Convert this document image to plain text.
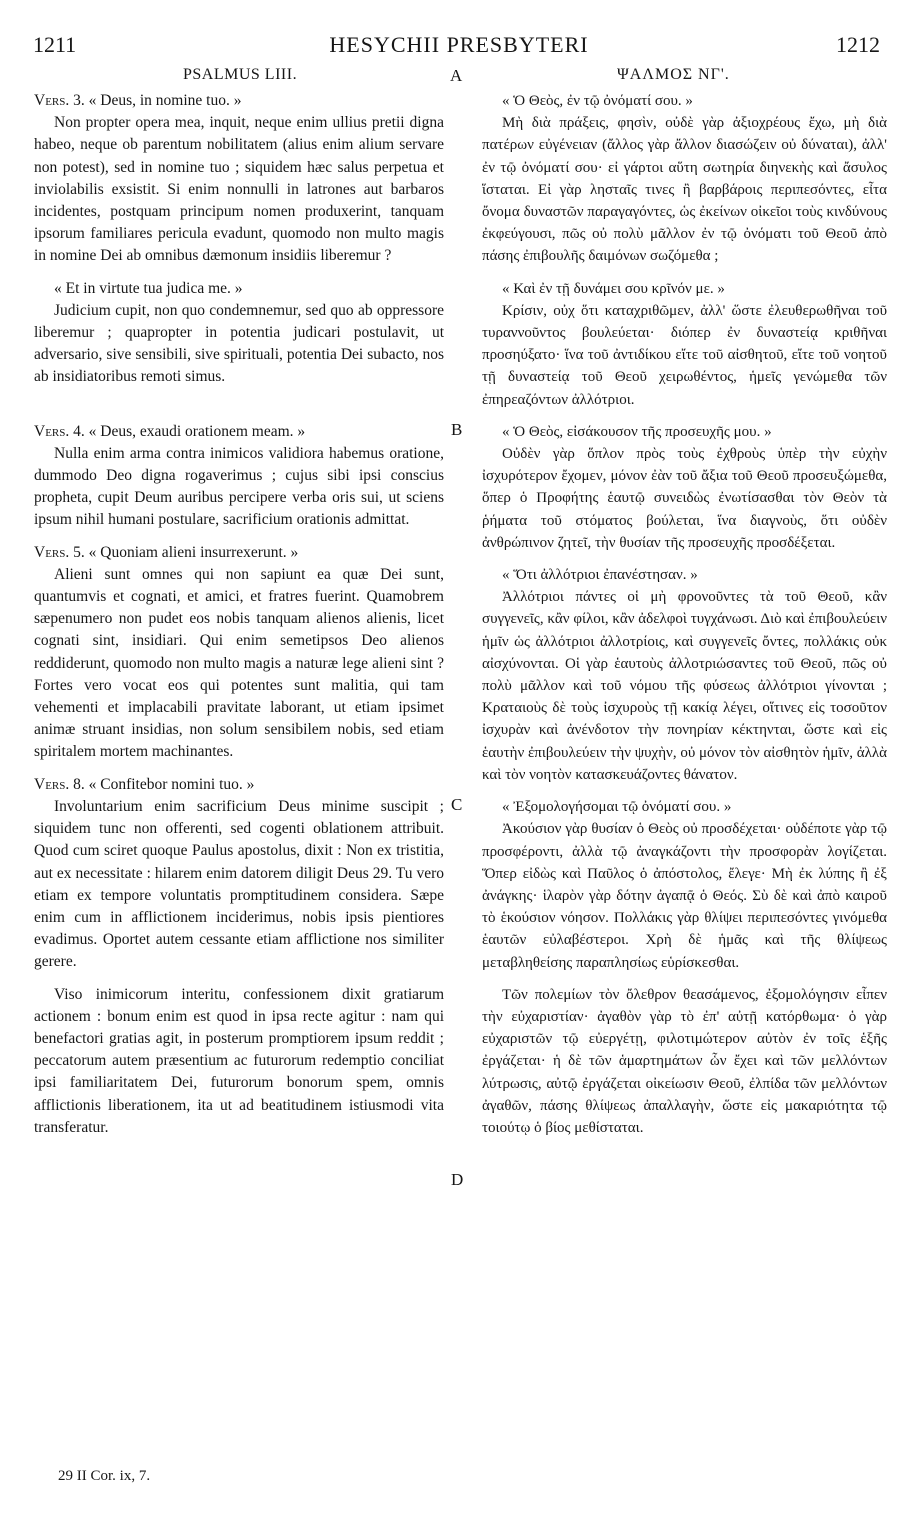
1211	HESYCHII PRESBYTERI	1212
PSALMUS LIII.	A	ΨΑΛΜΟΣ ΝΓ'.
B
C
D

Vers. 3. « Deus, in nomine tuo. »

Non propter opera mea, inquit, neque enim ullius pretii digna habeo, neque ob parentum nobilitatem (alius enim alium servare non potest), sed in nomine tuo ; siquidem hæc salus perpetua et inviolabilis exsistit. Si enim nonnulli in latrones aut barbaros incidentes, postquam principum nomen produxerint, tanquam ipsorum familiares pericula evadunt, quomodo non multo magis in nomine Dei ab omnibus dæmonum insidiis liberemur ?

« Et in virtute tua judica me. »

Judicium cupit, non quo condemnemur, sed quo ab oppressore liberemur ; quapropter in potentia judicari postulavit, ut adversario, sive sensibili, sive spirituali, potentia Dei subacto, nos ab insidiatoribus remoti simus.

Vers. 4. « Deus, exaudi orationem meam. »

Nulla enim arma contra inimicos validiora habemus oratione, dummodo Deo digna rogaverimus ; cujus sibi ipsi conscius propheta, cupit Deum auribus percipere verba oris sui, ut sciens ipsum nihil humani postulare, sacrificium orationis admittat.

Vers. 5. « Quoniam alieni insurrexerunt. »

Alieni sunt omnes qui non sapiunt ea quæ Dei sunt, quantumvis et cognati, et amici, et fratres fuerint. Quamobrem sæpenumero non pudet eos nobis tanquam alienos alienis, licet cognati sint, insidiari. Qui enim semetipsos Deo alienos reddiderunt, quomodo non multo magis a naturæ lege alieni sint ? Fortes vero vocat eos qui potentes sunt malitia, qui tam vehementi et implacabili pravitate laborant, ut etiam ipsimet animæ struant insidias, non solum sensibilem nobis, sed etiam spiritalem mortem machinantes.

Vers. 8. « Confitebor nomini tuo. »

Involuntarium enim sacrificium Deus minime suscipit ; siquidem tunc non offerenti, sed cogenti oblationem attribuit. Quod cum sciret quoque Paulus apostolus, dixit : Non ex tristitia, aut ex necessitate : hilarem enim datorem diligit Deus 29. Tu vero etiam ex tempore voluntatis promptitudinem considera. Sæpe enim cum in afflictionem inciderimus, nobis ipsis pientiores evadimus. Oportet autem cessante etiam afflictione nos similiter gerere.

Viso inimicorum interitu, confessionem dixit gratiarum actionem : bonum enim est quod in ipsa recte agitur : nam qui benefactori gratias agit, in posterum promptiorem ipsum reddit ; peccatorum autem præsentium ac futurorum redemptio conciliat ipsi familiaritatem Dei, futurorum bonorum spem, omnis afflictionis liberationem, ita ut ad beatitudinem istiusmodi vita transferatur.

« Ὁ Θεὸς, ἐν τῷ ὀνόματί σου. »

Μὴ διὰ πράξεις, φησὶν, οὐδὲ γὰρ ἀξιοχρέους ἔχω, μὴ διὰ πατέρων εὐγένειαν (ἄλλος γὰρ ἄλλον διασώζειν οὐ δύναται), ἀλλ' ἐν τῷ ὀνόματί σου· εἰ γάρτοι αὕτη σωτηρία διηνεκὴς καὶ ἄσυλος ἵσταται. Εἰ γὰρ λησταῖς τινες ἢ βαρβάροις περιπεσόντες, εἶτα ὄνομα δυναστῶν παραγαγόντες, ὡς ἐκείνων οἰκεῖοι τοὺς κινδύνους ἐκφεύγουσι, πῶς οὐ πολὺ μᾶλλον ἐν τῷ ὀνόματι τοῦ Θεοῦ ἀπὸ πάσης ἐπιβουλῆς δαιμόνων σωζόμεθα ;

« Καὶ ἐν τῇ δυνάμει σου κρῖνόν με. »

Κρίσιν, οὐχ ὅτι καταχριθῶμεν, ἀλλ' ὥστε ἐλευθερωθῆναι τοῦ τυραννοῦντος βουλεύεται· διόπερ ἐν δυναστείᾳ κριθῆναι προσηύξατο· ἵνα τοῦ ἀντιδίκου εἴτε τοῦ αἰσθητοῦ, εἴτε τοῦ νοητοῦ τῇ δυναστείᾳ τοῦ Θεοῦ χειρωθέντος, ἡμεῖς γενώμεθα τῶν ἐπηρεαζόντων ἀλλότριοι.

« Ὁ Θεὸς, εἰσάκουσον τῆς προσευχῆς μου. »

Οὐδὲν γὰρ ὅπλον πρὸς τοὺς ἐχθροὺς ὑπὲρ τὴν εὐχὴν ἰσχυρότερον ἔχομεν, μόνον ἐὰν τοῦ ἄξια τοῦ Θεοῦ προσευξώμεθα, ὅπερ ὁ Προφήτης ἑαυτῷ συνειδὼς ἐνωτίσασθαι τὸν Θεὸν τὰ ῥήματα τοῦ στόματος βούλεται, ἵνα διαγνοὺς, ὅτι οὐδὲν ἀνθρώπινον ζητεῖ, τὴν θυσίαν τῆς προσευχῆς προσδέξεται.

« Ὅτι ἀλλότριοι ἐπανέστησαν. »

Ἀλλότριοι πάντες οἱ μὴ φρονοῦντες τὰ τοῦ Θεοῦ, κἂν συγγενεῖς, κἂν φίλοι, κἂν ἀδελφοὶ τυγχάνωσι. Διὸ καὶ ἐπιβουλεύειν ἡμῖν ὡς ἀλλότριοι ἀλλοτρίοις, καὶ συγγενεῖς ὄντες, πολλάκις οὐκ αἰσχύνονται. Οἱ γὰρ ἑαυτοὺς ἀλλοτριώσαντες τοῦ Θεοῦ, πῶς οὐ πολὺ μᾶλλον καὶ τοῦ νόμου τῆς φύσεως ἀλλότριοι γίνονται ; Κραταιοὺς δὲ τοὺς ἰσχυροὺς τῇ κακίᾳ λέγει, οἵτινες εἰς τοσοῦτον ἰσχυρὰν καὶ ἀνένδοτον τὴν πονηρίαν κέκτηνται, ὥστε καὶ εἰς ἑαυτὴν ἐπιβουλεύειν τὴν ψυχὴν, οὐ μόνον τὸν αἰσθητὸν ἡμῖν, ἀλλὰ καὶ τὸν νοητὸν κατασκευάζοντες θάνατον.

« Ἐξομολογήσομαι τῷ ὀνόματί σου. »

Ἀκούσιον γὰρ θυσίαν ὁ Θεὸς οὐ προσδέχεται· οὐδέποτε γὰρ τῷ προσφέροντι, ἀλλὰ τῷ ἀναγκάζοντι τὴν προσφορὰν λογίζεται. Ὅπερ εἰδὼς καὶ Παῦλος ὁ ἀπόστολος, ἔλεγε· Μὴ ἐκ λύπης ἢ ἐξ ἀνάγκης· ἱλαρὸν γὰρ δότην ἀγαπᾷ ὁ Θεός. Σὺ δὲ καὶ ἀπὸ καιροῦ τὸ ἑκούσιον νόησον. Πολλάκις γὰρ θλίψει περιπεσόντες γινόμεθα ἑαυτῶν εὐλαβέστεροι. Χρὴ δὲ ἡμᾶς καὶ τῆς θλίψεως μεταβληθείσης παραπλησίως εὑρίσκεσθαι.

Τῶν πολεμίων τὸν ὄλεθρον θεασάμενος, ἐξομολόγησιν εἶπεν τὴν εὐχαριστίαν· ἀγαθὸν γὰρ τὸ ἐπ' αὐτῇ κατόρθωμα· ὁ γὰρ εὐχαριστῶν τῷ εὐεργέτῃ, φιλοτιμώτερον αὐτὸν ἐν τοῖς ἑξῆς ἐργάζεται· ἡ δὲ τῶν ἁμαρτημάτων ὧν ἔχει καὶ τῶν μελλόντων λύτρωσις, αὐτῷ ἐργάζεται οἰκείωσιν Θεοῦ, ἐλπίδα τῶν μελλόντων ἀγαθῶν, πάσης θλίψεως ἀπαλλαγὴν, ὥστε εἰς μακαριότητα τῷ τοιούτῳ ὁ βίος μεθίσταται.

29 II Cor. ix, 7.
